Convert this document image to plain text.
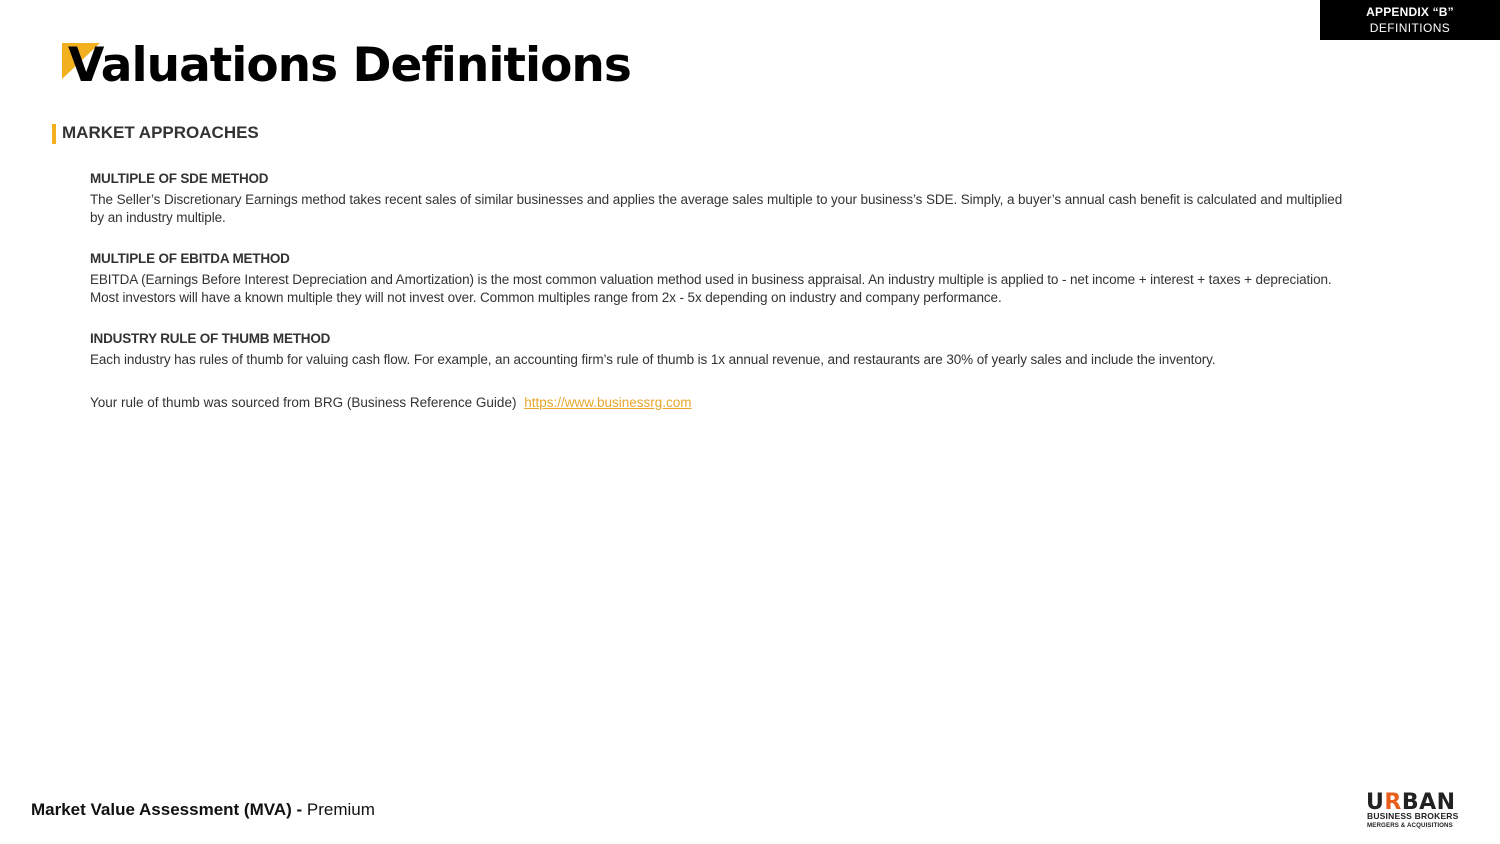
APPENDIX “B”
DEFINITIONS
Valuations Definitions
MARKET APPROACHES

MULTIPLE OF SDE METHOD

The Seller’s Discretionary Earnings method takes recent sales of similar businesses and applies the average sales multiple to your business’s SDE. Simply, a buyer’s annual cash benefit is calculated and multiplied by an industry multiple.

MULTIPLE OF EBITDA METHOD

EBITDA (Earnings Before Interest Depreciation and Amortization) is the most common valuation method used in business appraisal. An industry multiple is applied to - net income + interest + taxes + depreciation. Most investors will have a known multiple they will not invest over. Common multiples range from 2x - 5x depending on industry and company performance.

INDUSTRY RULE OF THUMB METHOD

Each industry has rules of thumb for valuing cash flow. For example, an accounting firm’s rule of thumb is 1x annual revenue, and restaurants are 30% of yearly sales and include the inventory.

Your rule of thumb was sourced from BRG (Business Reference Guide) https://www.businessrg.com
Market Value Assessment (MVA) - Premium	URBAN
BUSINESS BROKERS
MERGERS & ACQUISITIONS
